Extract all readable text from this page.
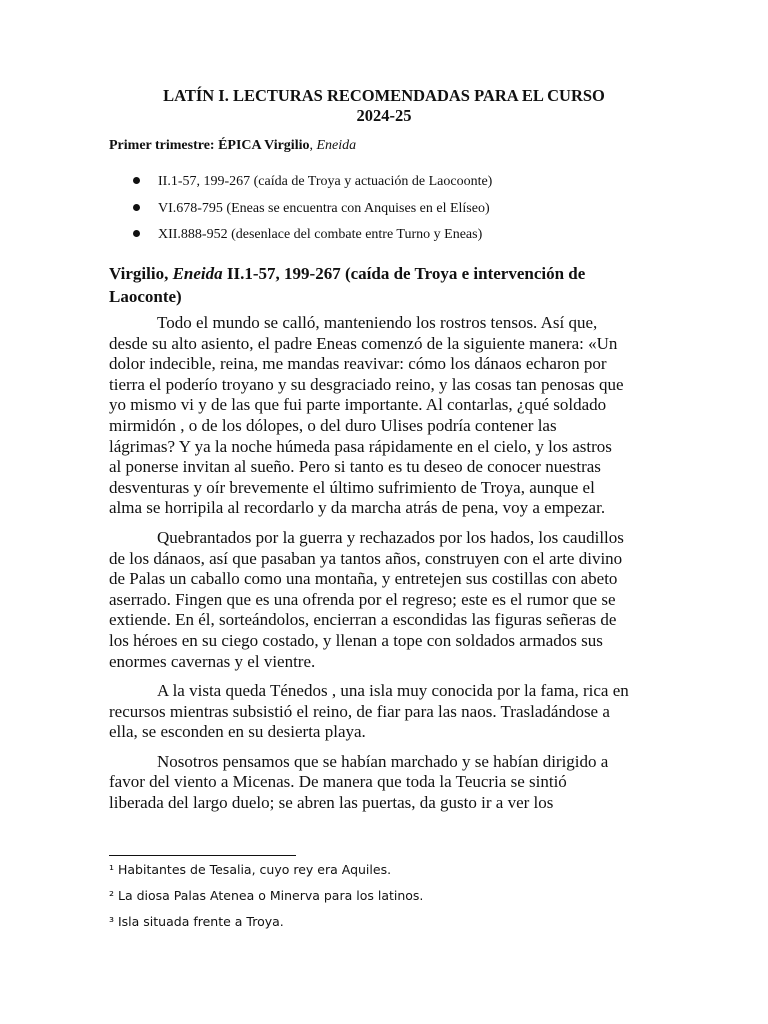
LATÍN I. LECTURAS RECOMENDADAS PARA EL CURSO
2024-25
Primer trimestre: ÉPICA Virgilio, Eneida
II.1-57, 199-267 (caída de Troya y actuación de Laocoonte)
VI.678-795 (Eneas se encuentra con Anquises en el Elíseo)
XII.888-952 (desenlace del combate entre Turno y Eneas)
Virgilio, Eneida II.1-57, 199-267 (caída de Troya e intervención de
Laoconte)

Todo el mundo se calló, manteniendo los rostros tensos. Así que,
desde su alto asiento, el padre Eneas comenzó de la siguiente manera: «Un
dolor indecible, reina, me mandas reavivar: cómo los dánaos echaron por
tierra el poderío troyano y su desgraciado reino, y las cosas tan penosas que
yo mismo vi y de las que fui parte importante. Al contarlas, ¿qué soldado
mirmidón , o de los dólopes, o del duro Ulises podría contener las
lágrimas? Y ya la noche húmeda pasa rápidamente en el cielo, y los astros
al ponerse invitan al sueño. Pero si tanto es tu deseo de conocer nuestras
desventuras y oír brevemente el último sufrimiento de Troya, aunque el
alma se horripila al recordarlo y da marcha atrás de pena, voy a empezar.

Quebrantados por la guerra y rechazados por los hados, los caudillos
de los dánaos, así que pasaban ya tantos años, construyen con el arte divino
de Palas un caballo como una montaña, y entretejen sus costillas con abeto
aserrado. Fingen que es una ofrenda por el regreso; este es el rumor que se
extiende. En él, sorteándolos, encierran a escondidas las figuras señeras de
los héroes en su ciego costado, y llenan a tope con soldados armados sus
enormes cavernas y el vientre.

A la vista queda Ténedos , una isla muy conocida por la fama, rica en
recursos mientras subsistió el reino, de fiar para las naos. Trasladándose a
ella, se esconden en su desierta playa.

Nosotros pensamos que se habían marchado y se habían dirigido a
favor del viento a Micenas. De manera que toda la Teucria se sintió
liberada del largo duelo; se abren las puertas, da gusto ir a ver los

¹ Habitantes de Tesalia, cuyo rey era Aquiles.
² La diosa Palas Atenea o Minerva para los latinos.
³ Isla situada frente a Troya.
